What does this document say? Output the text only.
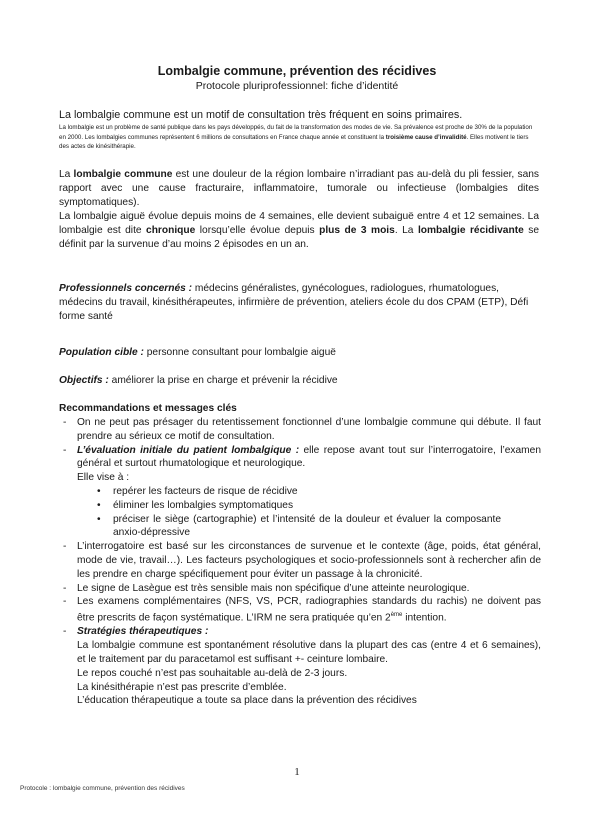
Lombalgie commune, prévention des récidives
Protocole pluriprofessionnel: fiche d’identité

La lombalgie commune est un motif de consultation très fréquent en soins primaires.

La lombalgie est un problème de santé publique dans les pays développés, du fait de la transformation des modes de vie. Sa prévalence est proche de 30% de la population en 2000. Les lombalgies communes représentent 6 millions de consultations en France chaque année et constituent la troisième cause d’invalidité. Elles motivent le tiers des actes de kinésithérapie.

La lombalgie commune est une douleur de la région lombaire n’irradiant pas au-delà du pli fessier, sans rapport avec une cause fracturaire, inflammatoire, tumorale ou infectieuse (lombalgies dites symptomatiques).
La lombalgie aiguë évolue depuis moins de 4 semaines, elle devient subaiguë entre 4 et 12 semaines. La lombalgie est dite chronique lorsqu’elle évolue depuis plus de 3 mois. La lombalgie récidivante se définit par la survenue d’au moins 2 épisodes en un an.

Professionnels concernés : médecins généralistes, gynécologues, radiologues, rhumatologues, médecins du travail, kinésithérapeutes, infirmière de prévention, ateliers école du dos CPAM (ETP), Défi forme santé

Population cible : personne consultant pour lombalgie aiguë

Objectifs : améliorer la prise en charge et prévenir la récidive

Recommandations et messages clés

- On ne peut pas présager du retentissement fonctionnel d’une lombalgie commune qui débute. Il faut prendre au sérieux ce motif de consultation.
- L’évaluation initiale du patient lombalgique : elle repose avant tout sur l’interrogatoire, l’examen général et surtout rhumatologique et neurologique.
Elle vise à :
• repérer les facteurs de risque de récidive
• éliminer les lombalgies symptomatiques
• préciser le siège (cartographie) et l’intensité de la douleur et évaluer la composante anxio-dépressive
- L’interrogatoire est basé sur les circonstances de survenue et le contexte (âge, poids, état général, mode de vie, travail…). Les facteurs psychologiques et socio-professionnels sont à rechercher afin de les prendre en charge spécifiquement pour éviter un passage à la chronicité.
- Le signe de Lasègue est très sensible mais non spécifique d’une atteinte neurologique.
- Les examens complémentaires (NFS, VS, PCR, radiographies standards du rachis) ne doivent pas être prescrits de façon systématique. L’IRM ne sera pratiquée qu’en 2ème intention.
- Stratégies thérapeutiques :
La lombalgie commune est spontanément résolutive dans la plupart des cas (entre 4 et 6 semaines), et le traitement par du paracetamol est suffisant +- ceinture lombaire.
Le repos couché n’est pas souhaitable au-delà de 2-3 jours.
La kinésithérapie n’est pas prescrite d’emblée.
L’éducation thérapeutique a toute sa place dans la prévention des récidives
1
Protocole : lombalgie commune, prévention des récidives
